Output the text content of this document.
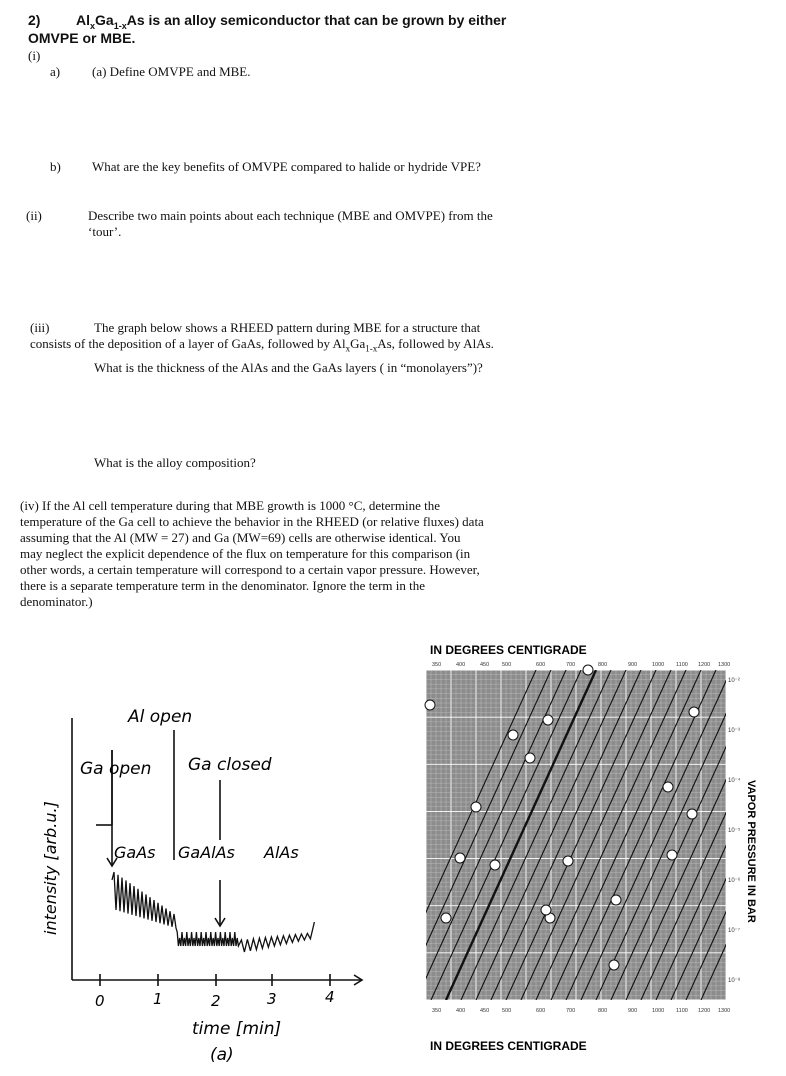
2)	$Al_xGa_{1-x}As$ is an alloy semiconductor that can be grown by either
OMVPE or MBE.
(i)
a) (a) Define OMVPE and MBE.
b) What are the key benefits of OMVPE compared to halide or hydride VPE?
(ii)	Describe two main points about each technique (MBE and OMVPE) from the
‘tour’.
(iii)	The graph below shows a RHEED pattern during MBE for a structure that
consists of the deposition of a layer of GaAs, followed by $Al_xGa_{1-x}As$, followed by AlAs.
What is the thickness of the AlAs and the GaAs layers ( in “monolayers”)?
What is the alloy composition?
(iv) If the Al cell temperature during that MBE growth is 1000 °C, determine the
temperature of the Ga cell to achieve the behavior in the RHEED (or relative fluxes) data
assuming that the Al (MW = 27) and Ga (MW=69) cells are otherwise identical. You
may neglect the explicit dependence of the flux on temperature for this comparison (in
other words, a certain temperature will correspond to a certain vapor pressure. However,
there is a separate temperature term in the denominator. Ignore the term in the
denominator.)
Al open
Ga open Ga closed
GaAs GaAlAs AlAs
intensity [arb.u.]
0	1	2	3	4
time [min]
(a)
IN DEGREES CENTIGRADE
350	400	450 500	600	700	800	900	1000 1100 1200 1300
10⁻²
10⁻³
10⁻⁴
10⁻⁵
10⁻⁶
10⁻⁷
10⁻⁸
350	400	450 500	600	700	800	900	1000 1100 1200 1300
VAPOR PRESSURE IN BAR
IN DEGREES CENTIGRADE
